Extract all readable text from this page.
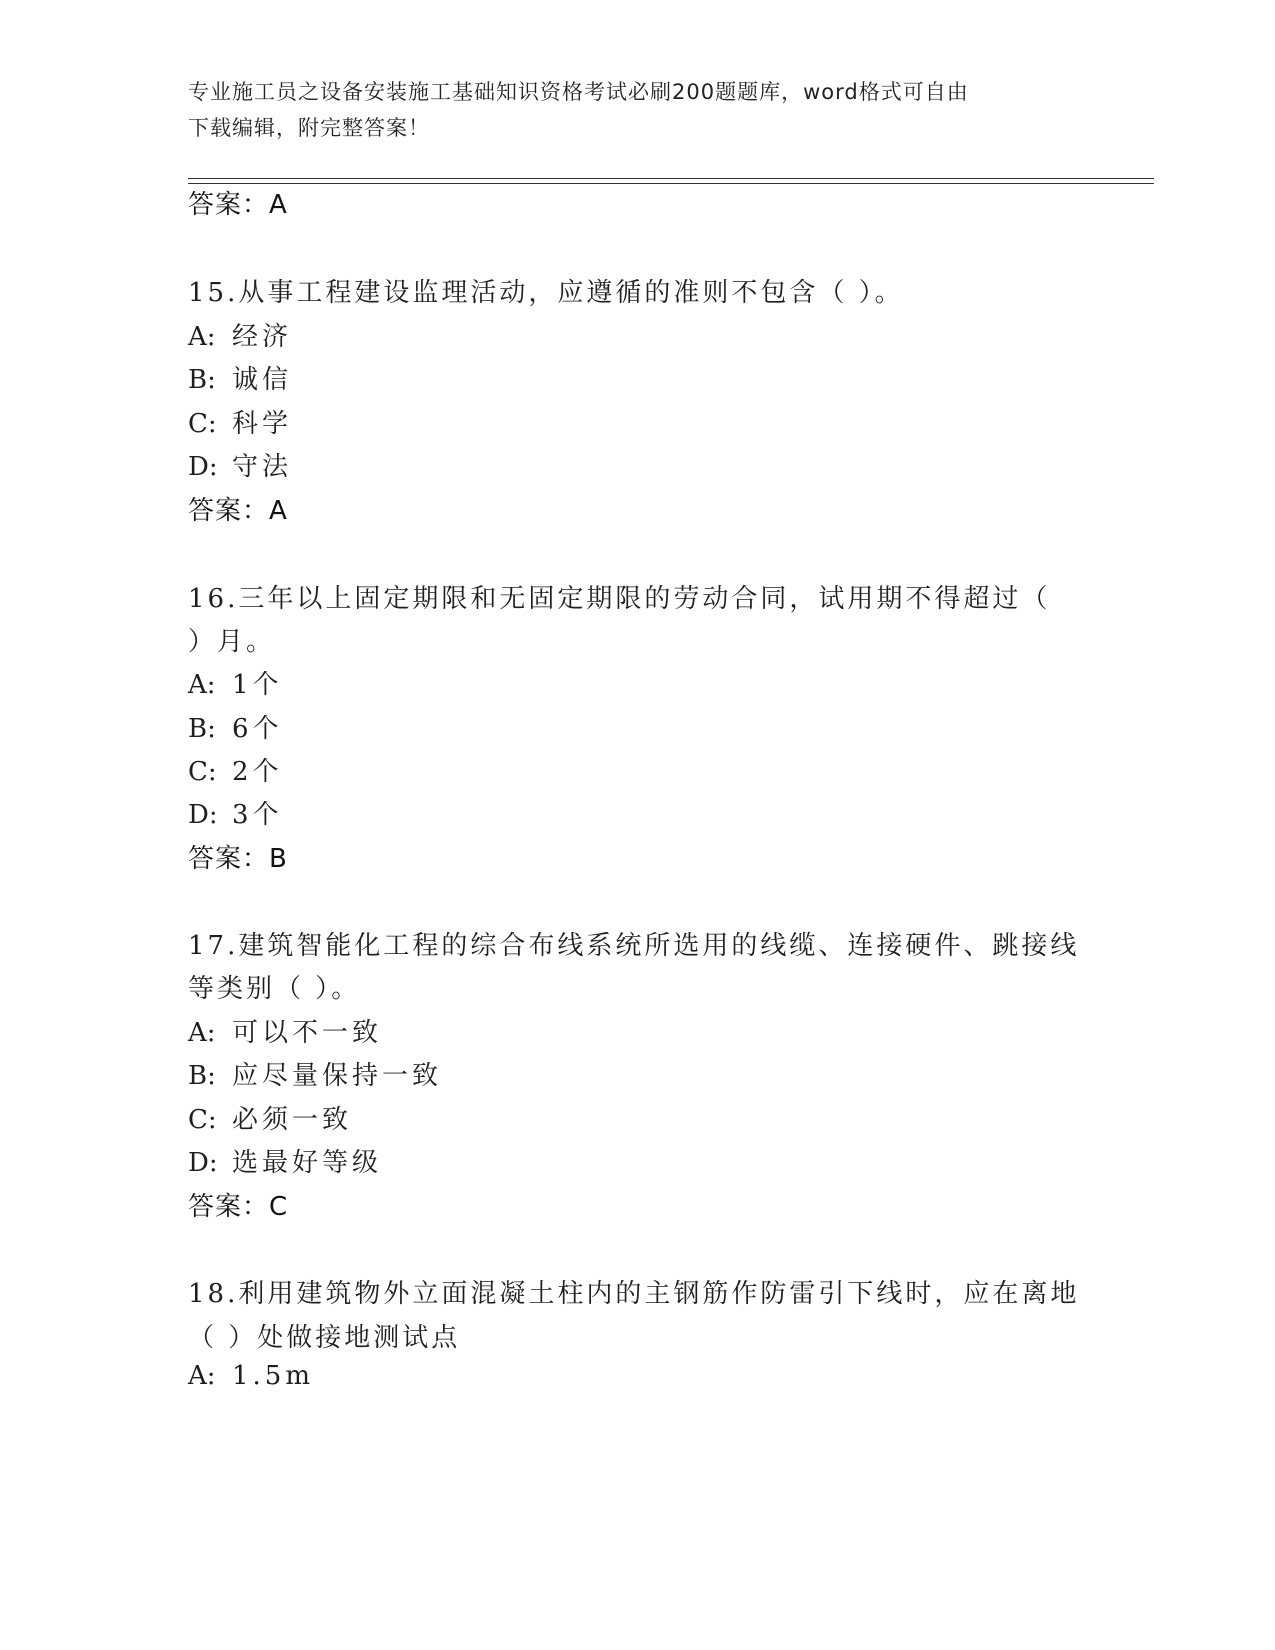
专业施工员之设备安装施工基础知识资格考试必刷200题题库，word格式可自由
下载编辑，附完整答案！
答案：A
15.从事工程建设监理活动，应遵循的准则不包含（ ）。
A: 经济
B: 诚信
C: 科学
D: 守法
答案：A
16.三年以上固定期限和无固定期限的劳动合同，试用期不得超过（
）月。
A: 1个
B: 6个
C: 2个
D: 3个
答案：B
17.建筑智能化工程的综合布线系统所选用的线缆、连接硬件、跳接线
等类别（ ）。
A: 可以不一致
B: 应尽量保持一致
C: 必须一致
D: 选最好等级
答案：C
18.利用建筑物外立面混凝土柱内的主钢筋作防雷引下线时，应在离地
（ ）处做接地测试点
A: 1.5m
